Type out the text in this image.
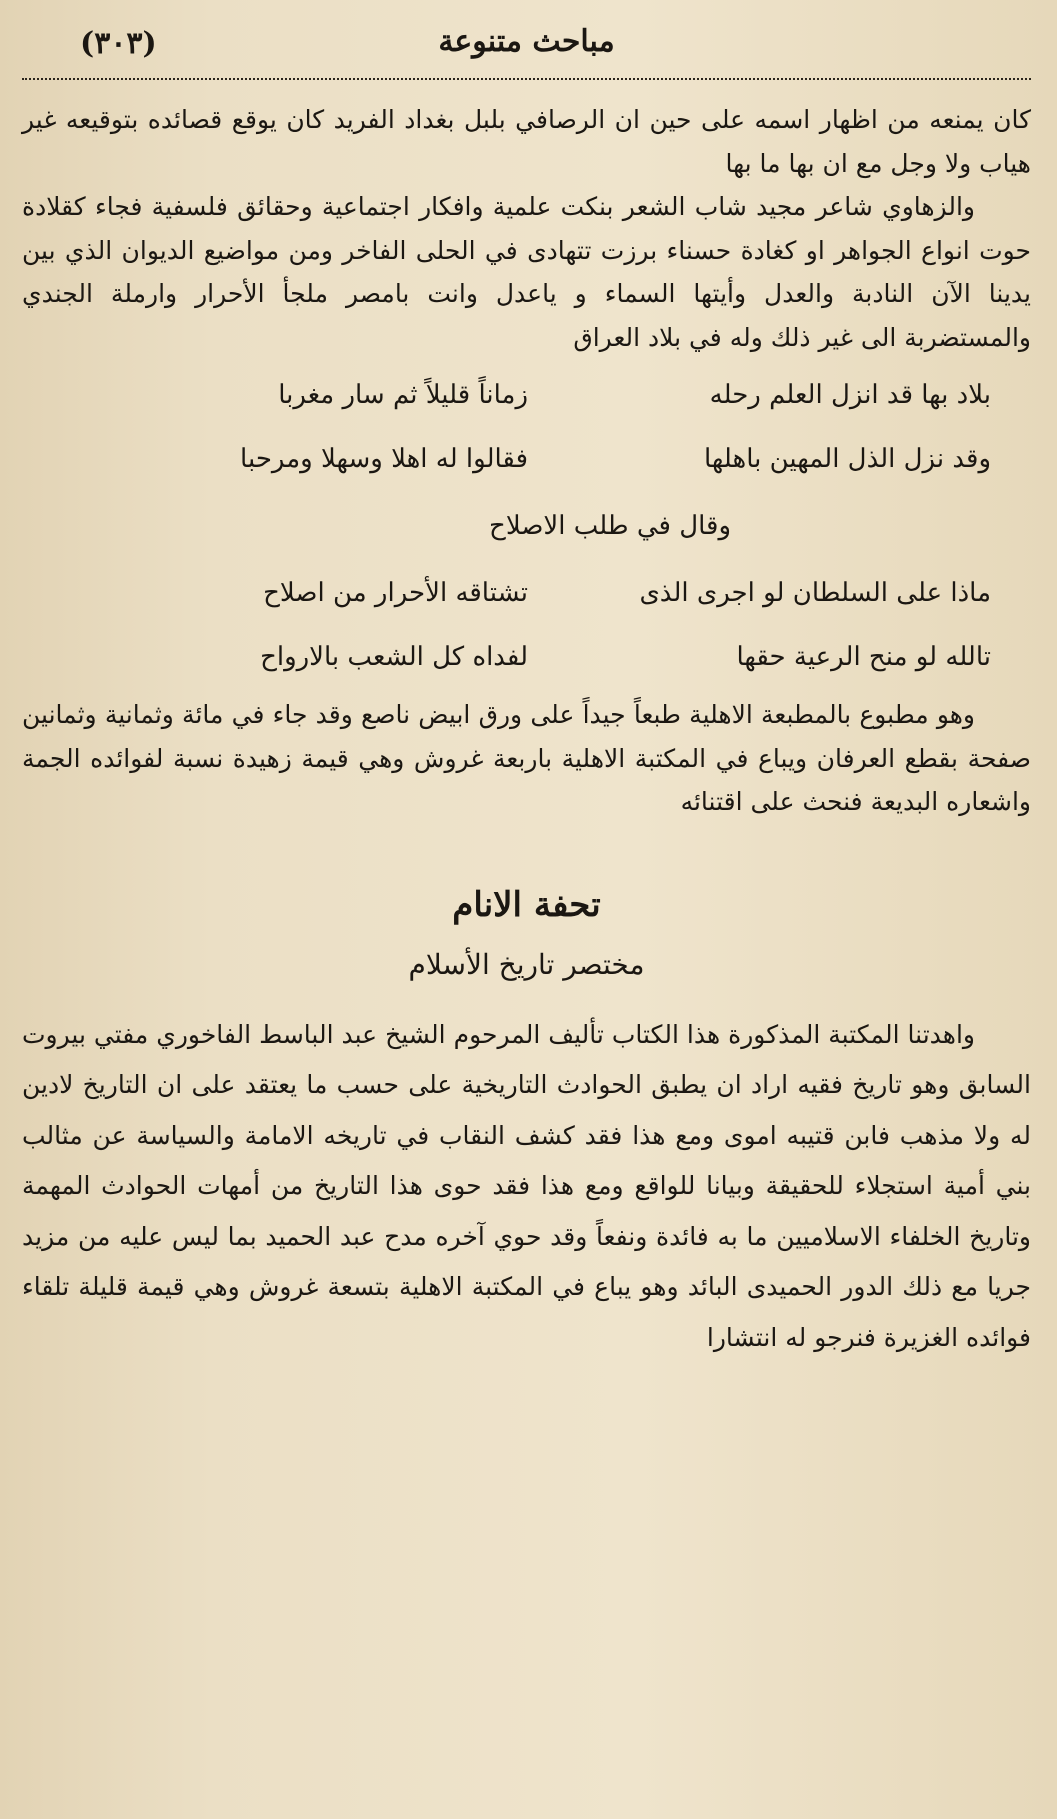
مباحث متنوعة
(٣٠٣)

كان يمنعه من اظهار اسمه على حين ان الرصافي بلبل بغداد الفريد كان يوقع قصائده بتوقيعه غير هياب ولا وجل مع ان بها ما بها

والزهاوي شاعر مجيد شاب الشعر بنكت علمية وافكار اجتماعية وحقائق فلسفية فجاء كقلادة حوت انواع الجواهر او كغادة حسناء برزت تتهادى في الحلى الفاخر ومن مواضيع الديوان الذي بين يدينا الآن النادبة والعدل وأيتها السماء و ياعدل وانت بامصر ملجأ الأحرار وارملة الجندي والمستضربة الى غير ذلك وله في بلاد العراق

بلاد بها قد انزل العلم رحله
زماناً قليلاً ثم سار مغربا
وقد نزل الذل المهين باهلها
فقالوا له اهلا وسهلا ومرحبا
وقال في طلب الاصلاح
ماذا على السلطان لو اجرى الذى
تشتاقه الأحرار من اصلاح
تالله لو منح الرعية حقها
لفداه كل الشعب بالارواح

وهو مطبوع بالمطبعة الاهلية طبعاً جيداً على ورق ابيض ناصع وقد جاء في مائة وثمانية وثمانين صفحة بقطع العرفان ويباع في المكتبة الاهلية باربعة غروش وهي قيمة زهيدة نسبة لفوائده الجمة واشعاره البديعة فنحث على اقتنائه

تحفة الانام
مختصر تاريخ الأسلام

واهدتنا المكتبة المذكورة هذا الكتاب تأليف المرحوم الشيخ عبد الباسط الفاخوري مفتي بيروت السابق وهو تاريخ فقيه اراد ان يطبق الحوادث التاريخية على حسب ما يعتقد على ان التاريخ لادين له ولا مذهب فابن قتيبه اموى ومع هذا فقد كشف النقاب في تاريخه الامامة والسياسة عن مثالب بني أمية استجلاء للحقيقة وبيانا للواقع ومع هذا فقد حوى هذا التاريخ من أمهات الحوادث المهمة وتاريخ الخلفاء الاسلاميين ما به فائدة ونفعاً وقد حوي آخره مدح عبد الحميد بما ليس عليه من مزيد جريا مع ذلك الدور الحميدى البائد وهو يباع في المكتبة الاهلية بتسعة غروش وهي قيمة قليلة تلقاء فوائده الغزيرة فنرجو له انتشارا
